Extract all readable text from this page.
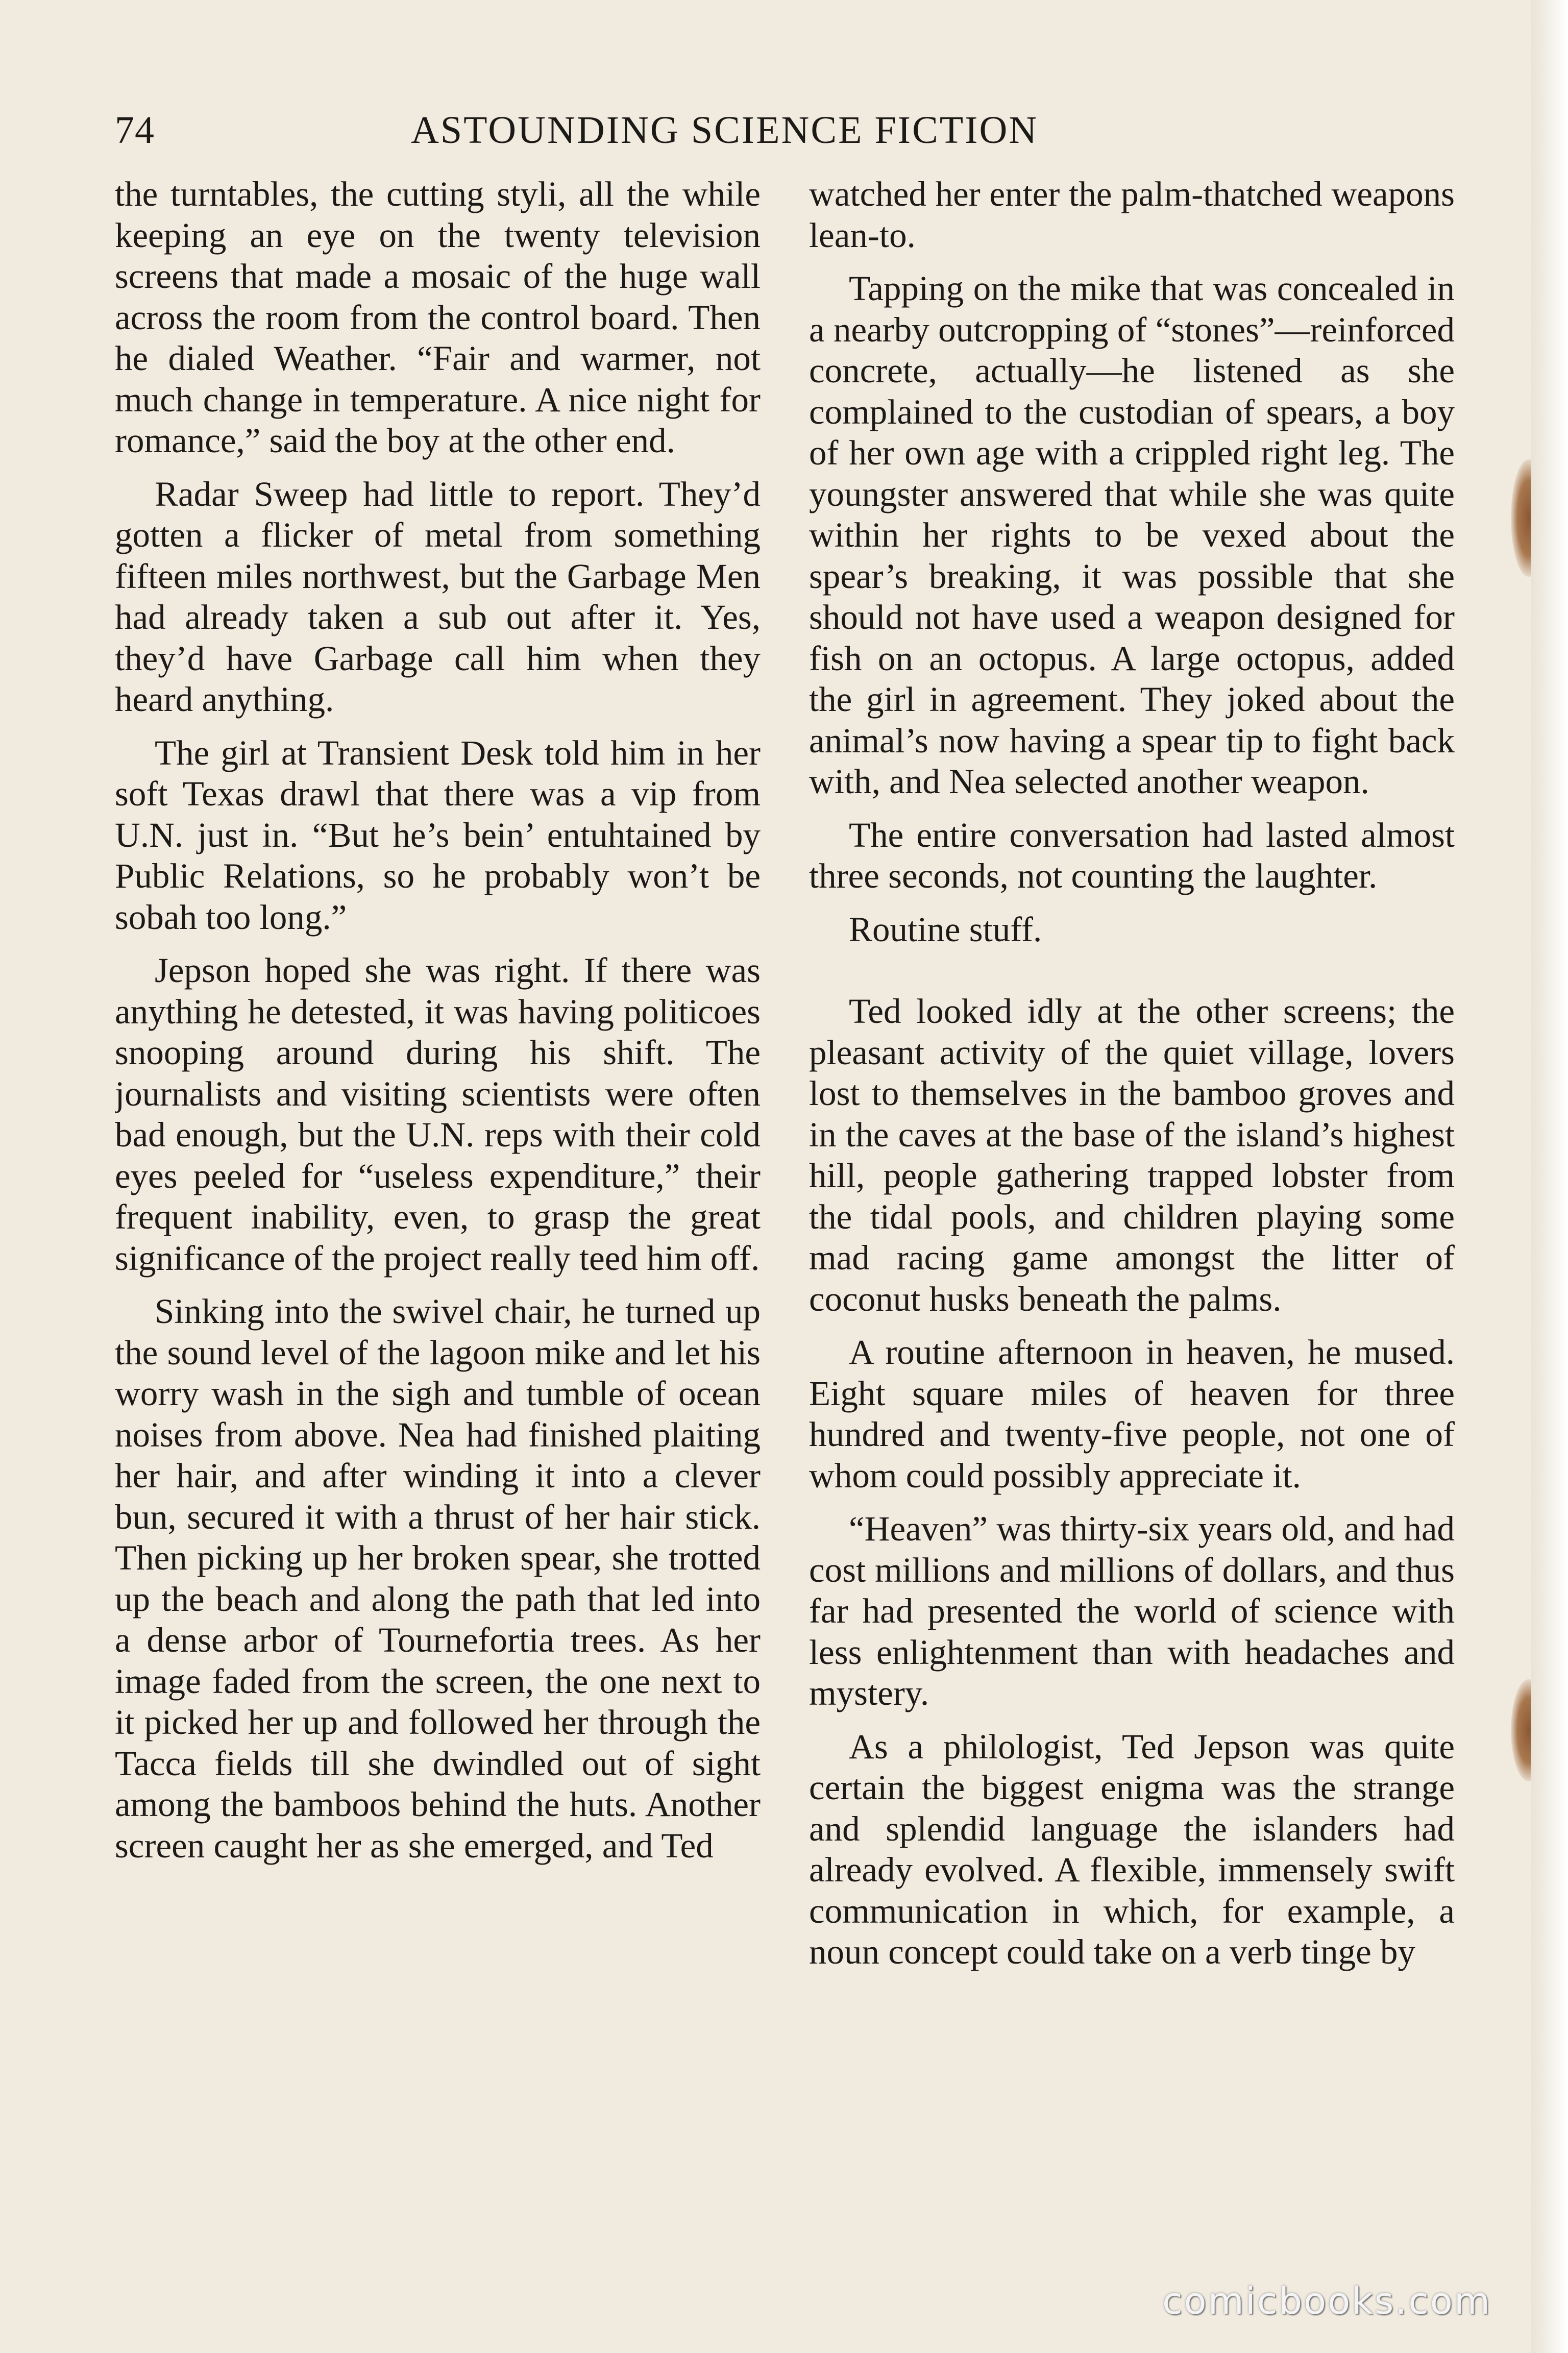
74	ASTOUNDING SCIENCE FICTION

the turntables, the cutting styli, all the while keeping an eye on the twenty television screens that made a mosaic of the huge wall across the room from the control board. Then he dialed Weather. “Fair and warmer, not much change in temperature. A nice night for romance,” said the boy at the other end.

Radar Sweep had little to report. They’d gotten a flicker of metal from something fifteen miles northwest, but the Garbage Men had already taken a sub out after it. Yes, they’d have Garbage call him when they heard anything.

The girl at Transient Desk told him in her soft Texas drawl that there was a vip from U.N. just in. “But he’s bein’ entuhtained by Public Relations, so he probably won’t be sobah too long.”

Jepson hoped she was right. If there was anything he detested, it was having politicoes snooping around during his shift. The journalists and visiting scientists were often bad enough, but the U.N. reps with their cold eyes peeled for “useless expenditure,” their frequent inability, even, to grasp the great significance of the project really teed him off.

Sinking into the swivel chair, he turned up the sound level of the lagoon mike and let his worry wash in the sigh and tumble of ocean noises from above. Nea had finished plaiting her hair, and after winding it into a clever bun, secured it with a thrust of her hair stick. Then picking up her broken spear, she trotted up the beach and along the path that led into a dense arbor of Tournefortia trees. As her image faded from the screen, the one next to it picked her up and followed her through the Tacca fields till she dwindled out of sight among the bamboos behind the huts. Another screen caught her as she emerged, and Ted

watched her enter the palm-thatched weapons lean-to.

Tapping on the mike that was concealed in a nearby outcropping of “stones”—reinforced concrete, actually—he listened as she complained to the custodian of spears, a boy of her own age with a crippled right leg. The youngster answered that while she was quite within her rights to be vexed about the spear’s breaking, it was possible that she should not have used a weapon designed for fish on an octopus. A large octopus, added the girl in agreement. They joked about the animal’s now having a spear tip to fight back with, and Nea selected another weapon.

The entire conversation had lasted almost three seconds, not counting the laughter.

Routine stuff.

Ted looked idly at the other screens; the pleasant activity of the quiet village, lovers lost to themselves in the bamboo groves and in the caves at the base of the island’s highest hill, people gathering trapped lobster from the tidal pools, and children playing some mad racing game amongst the litter of coconut husks beneath the palms.

A routine afternoon in heaven, he mused. Eight square miles of heaven for three hundred and twenty-five people, not one of whom could possibly appreciate it.

“Heaven” was thirty-six years old, and had cost millions and millions of dollars, and thus far had presented the world of science with less enlightenment than with headaches and mystery.

As a philologist, Ted Jepson was quite certain the biggest enigma was the strange and splendid language the islanders had already evolved. A flexible, immensely swift communication in which, for example, a noun concept could take on a verb tinge by

comicbooks.com
